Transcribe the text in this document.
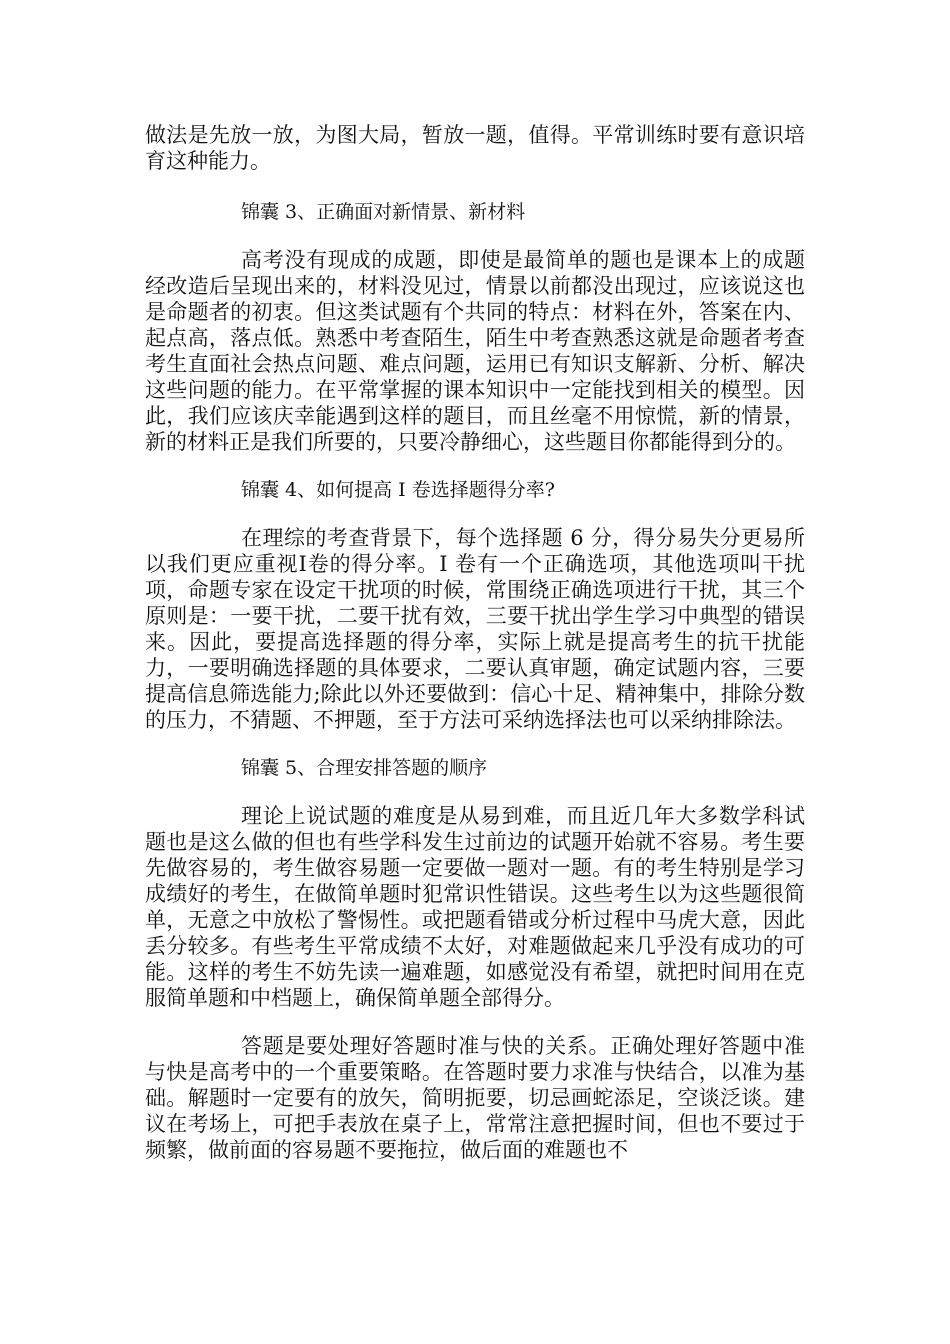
做法是先放一放，为图大局，暂放一题，值得。平常训练时要有意识培育这种能力。

锦囊 3、正确面对新情景、新材料

高考没有现成的成题，即使是最简单的题也是课本上的成题经改造后呈现出来的，材料没见过，情景以前都没出现过，应该说这也是命题者的初衷。但这类试题有个共同的特点：材料在外，答案在内、起点高，落点低。熟悉中考查陌生，陌生中考查熟悉这就是命题者考查考生直面社会热点问题、难点问题，运用已有知识支解新、分析、解决这些问题的能力。在平常掌握的课本知识中一定能找到相关的模型。因此，我们应该庆幸能遇到这样的题目，而且丝毫不用惊慌，新的情景，新的材料正是我们所要的，只要冷静细心，这些题目你都能得到分的。

锦囊 4、如何提高 I 卷选择题得分率?

在理综的考查背景下，每个选择题 6 分，得分易失分更易所以我们更应重视Ⅰ卷的得分率。I 卷有一个正确选项，其他选项叫干扰项，命题专家在设定干扰项的时候，常围绕正确选项进行干扰，其三个原则是：一要干扰，二要干扰有效，三要干扰出学生学习中典型的错误来。因此，要提高选择题的得分率，实际上就是提高考生的抗干扰能力，一要明确选择题的具体要求，二要认真审题，确定试题内容，三要提高信息筛选能力;除此以外还要做到：信心十足、精神集中，排除分数的压力，不猜题、不押题，至于方法可采纳选择法也可以采纳排除法。

锦囊 5、合理安排答题的顺序

理论上说试题的难度是从易到难，而且近几年大多数学科试题也是这么做的但也有些学科发生过前边的试题开始就不容易。考生要先做容易的，考生做容易题一定要做一题对一题。有的考生特别是学习成绩好的考生，在做简单题时犯常识性错误。这些考生以为这些题很简单，无意之中放松了警惕性。或把题看错或分析过程中马虎大意，因此丢分较多。有些考生平常成绩不太好，对难题做起来几乎没有成功的可能。这样的考生不妨先读一遍难题，如感觉没有希望，就把时间用在克服简单题和中档题上，确保简单题全部得分。

答题是要处理好答题时准与快的关系。正确处理好答题中准与快是高考中的一个重要策略。在答题时要力求准与快结合，以准为基础。解题时一定要有的放矢，简明扼要，切忌画蛇添足，空谈泛谈。建议在考场上，可把手表放在桌子上，常常注意把握时间，但也不要过于频繁，做前面的容易题不要拖拉，做后面的难题也不
